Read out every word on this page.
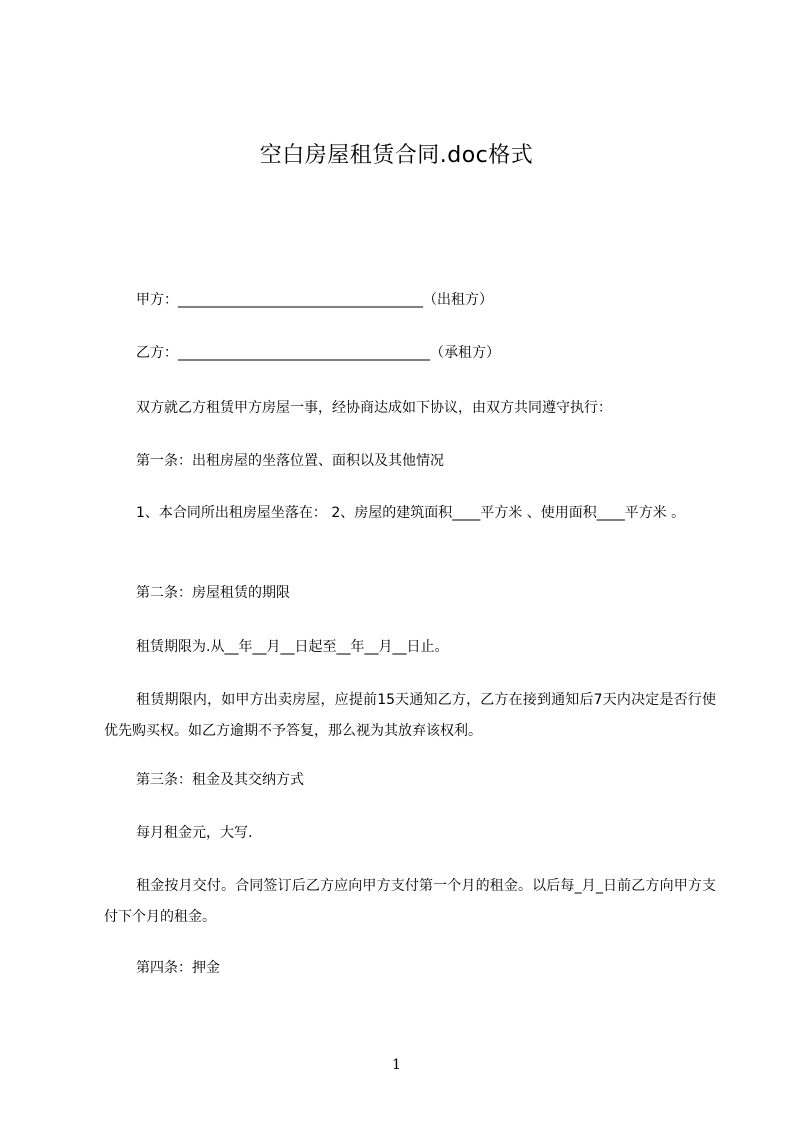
空白房屋租赁合同.doc格式
甲方：___________________________________（出租方）
乙方：____________________________________（承租方）
双方就乙方租赁甲方房屋一事，经协商达成如下协议，由双方共同遵守执行：
第一条：出租房屋的坐落位置、面积以及其他情况
1、本合同所出租房屋坐落在： 2、房屋的建筑面积____平方米 、使用面积____平方米 。
第二条：房屋租赁的期限
租赁期限为.从__年__月__日起至__年__月__日止。
租赁期限内，如甲方出卖房屋，应提前15天通知乙方，乙方在接到通知后7天内决定是否行使优先购买权。如乙方逾期不予答复，那么视为其放弃该权利。
第三条：租金及其交纳方式
每月租金元，大写.
租金按月交付。合同签订后乙方应向甲方支付第一个月的租金。以后每_月_日前乙方向甲方支付下个月的租金。
第四条：押金
1
